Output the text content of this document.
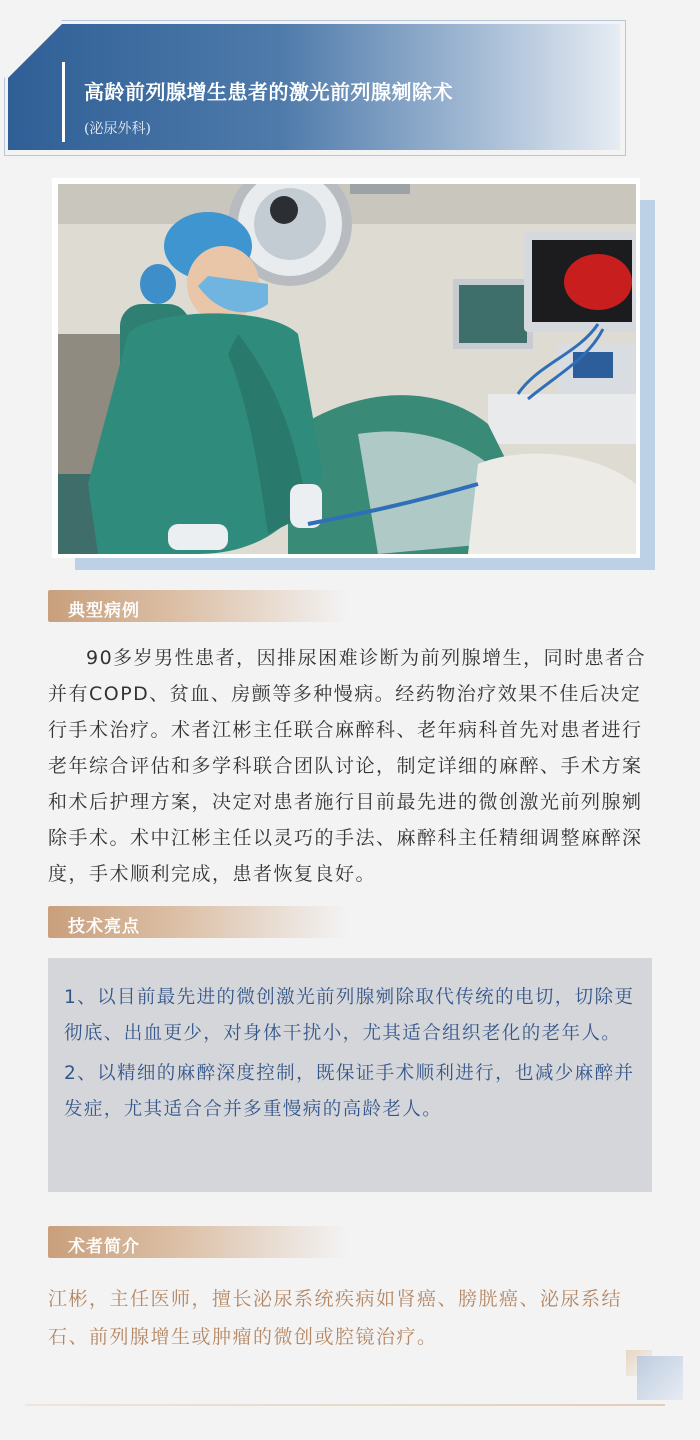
高龄前列腺增生患者的激光前列腺剜除术
(泌尿外科)
典型病例

90多岁男性患者，因排尿困难诊断为前列腺增生，同时患者合并有COPD、贫血、房颤等多种慢病。经药物治疗效果不佳后决定行手术治疗。术者江彬主任联合麻醉科、老年病科首先对患者进行老年综合评估和多学科联合团队讨论，制定详细的麻醉、手术方案和术后护理方案，决定对患者施行目前最先进的微创激光前列腺剜除手术。术中江彬主任以灵巧的手法、麻醉科主任精细调整麻醉深度，手术顺利完成，患者恢复良好。

技术亮点

1、以目前最先进的微创激光前列腺剜除取代传统的电切，切除更彻底、出血更少，对身体干扰小，尤其适合组织老化的老年人。

2、以精细的麻醉深度控制，既保证手术顺利进行，也减少麻醉并发症，尤其适合合并多重慢病的高龄老人。

术者简介
江彬，主任医师，擅长泌尿系统疾病如肾癌、膀胱癌、泌尿系结石、前列腺增生或肿瘤的微创或腔镜治疗。
